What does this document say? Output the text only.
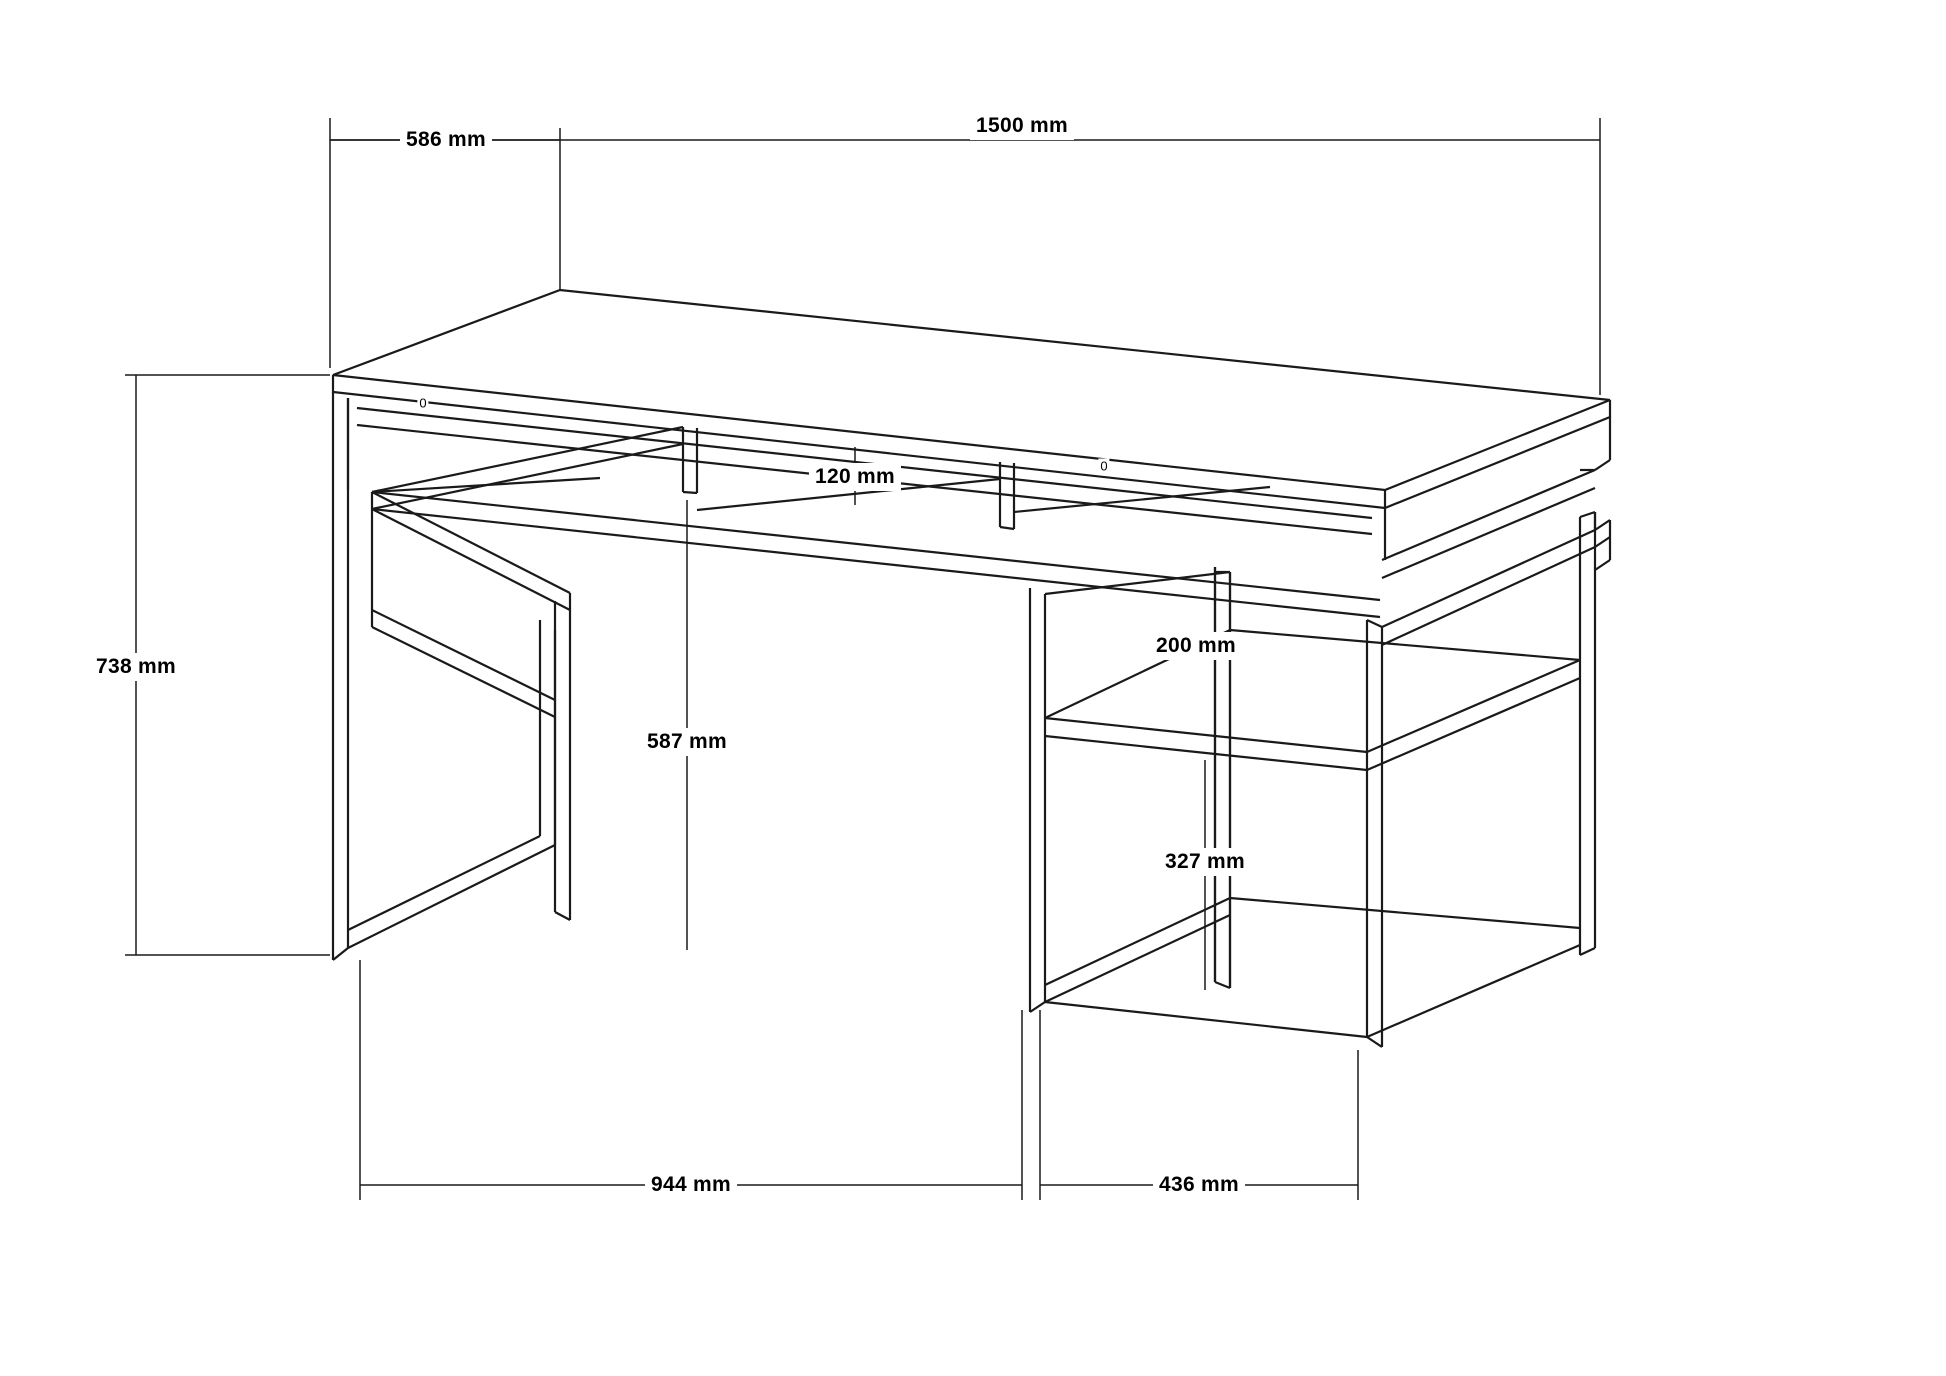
1500 mm
586 mm
738 mm
120 mm
587 mm
200 mm
327 mm
944 mm	436 mm
0
0
